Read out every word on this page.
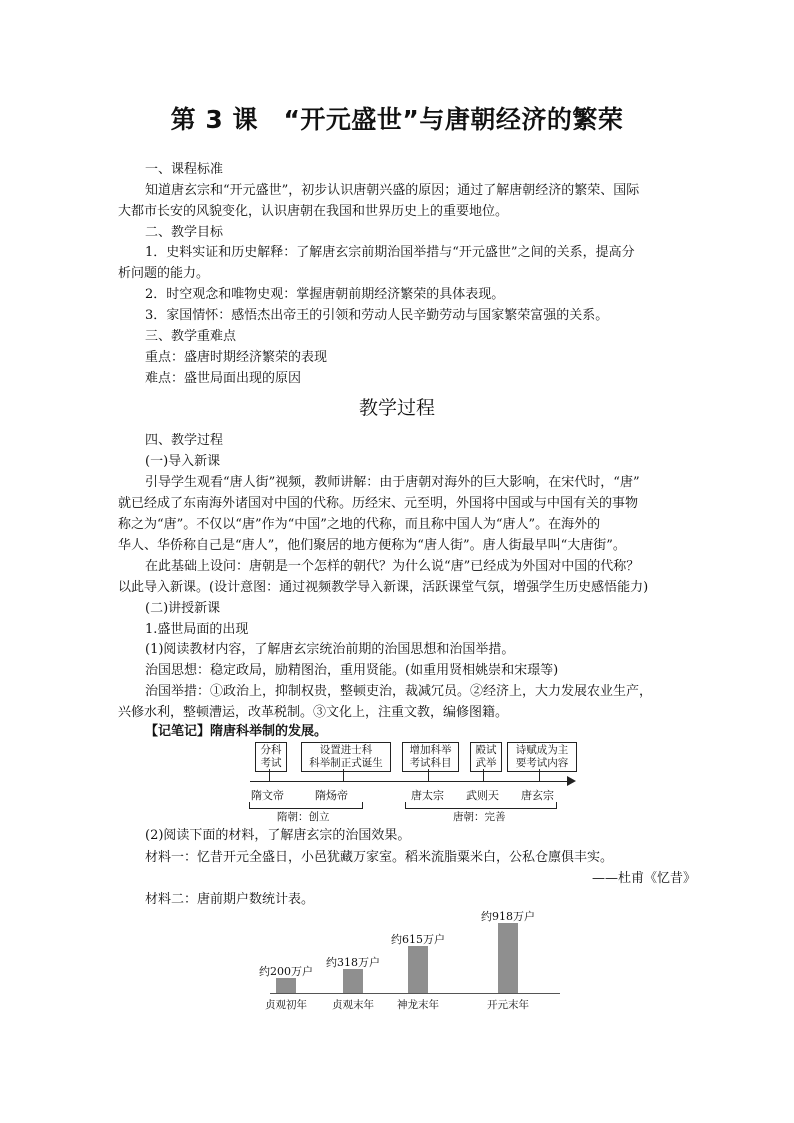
第 3 课　“开元盛世”与唐朝经济的繁荣
一、课程标准
知道唐玄宗和“开元盛世”，初步认识唐朝兴盛的原因；通过了解唐朝经济的繁荣、国际
大都市长安的风貌变化，认识唐朝在我国和世界历史上的重要地位。
二、教学目标
1．史料实证和历史解释：了解唐玄宗前期治国举措与“开元盛世”之间的关系，提高分
析问题的能力。
2．时空观念和唯物史观：掌握唐朝前期经济繁荣的具体表现。
3．家国情怀：感悟杰出帝王的引领和劳动人民辛勤劳动与国家繁荣富强的关系。
三、教学重难点
重点：盛唐时期经济繁荣的表现
难点：盛世局面出现的原因
教学过程
四、教学过程
(一)导入新课
引导学生观看“唐人街”视频，教师讲解：由于唐朝对海外的巨大影响，在宋代时，“唐”
就已经成了东南海外诸国对中国的代称。历经宋、元至明，外国将中国或与中国有关的事物
称之为“唐”。不仅以“唐”作为“中国”之地的代称，而且称中国人为“唐人”。在海外的
华人、华侨称自己是“唐人”，他们聚居的地方便称为“唐人街”。唐人街最早叫“大唐街”。
在此基础上设问：唐朝是一个怎样的朝代？为什么说“唐”已经成为外国对中国的代称？
以此导入新课。(设计意图：通过视频教学导入新课，活跃课堂气氛，增强学生历史感悟能力)
(二)讲授新课
1.盛世局面的出现
(1)阅读教材内容，了解唐玄宗统治前期的治国思想和治国举措。
治国思想：稳定政局，励精图治，重用贤能。(如重用贤相姚崇和宋璟等)
治国举措：①政治上，抑制权贵，整顿吏治，裁减冗员。②经济上，大力发展农业生产，
兴修水利，整顿漕运，改革税制。③文化上，注重文教，编修图籍。
【记笔记】隋唐科举制的发展。
分科
考试
设置进士科
科举制正式诞生
增加科举
考试科目
殿试
武举
诗赋成为主
要考试内容
隋文帝	隋炀帝	唐太宗 武则天 唐玄宗
隋朝：创立	唐朝：完善
(2)阅读下面的材料，了解唐玄宗的治国效果。
材料一：忆昔开元全盛日，小邑犹藏万家室。稻米流脂粟米白，公私仓廪俱丰实。
——杜甫《忆昔》
材料二：唐前期户数统计表。
约200万户
贞观初年
约318万户
贞观末年
约615万户
神龙末年
约918万户
开元末年
